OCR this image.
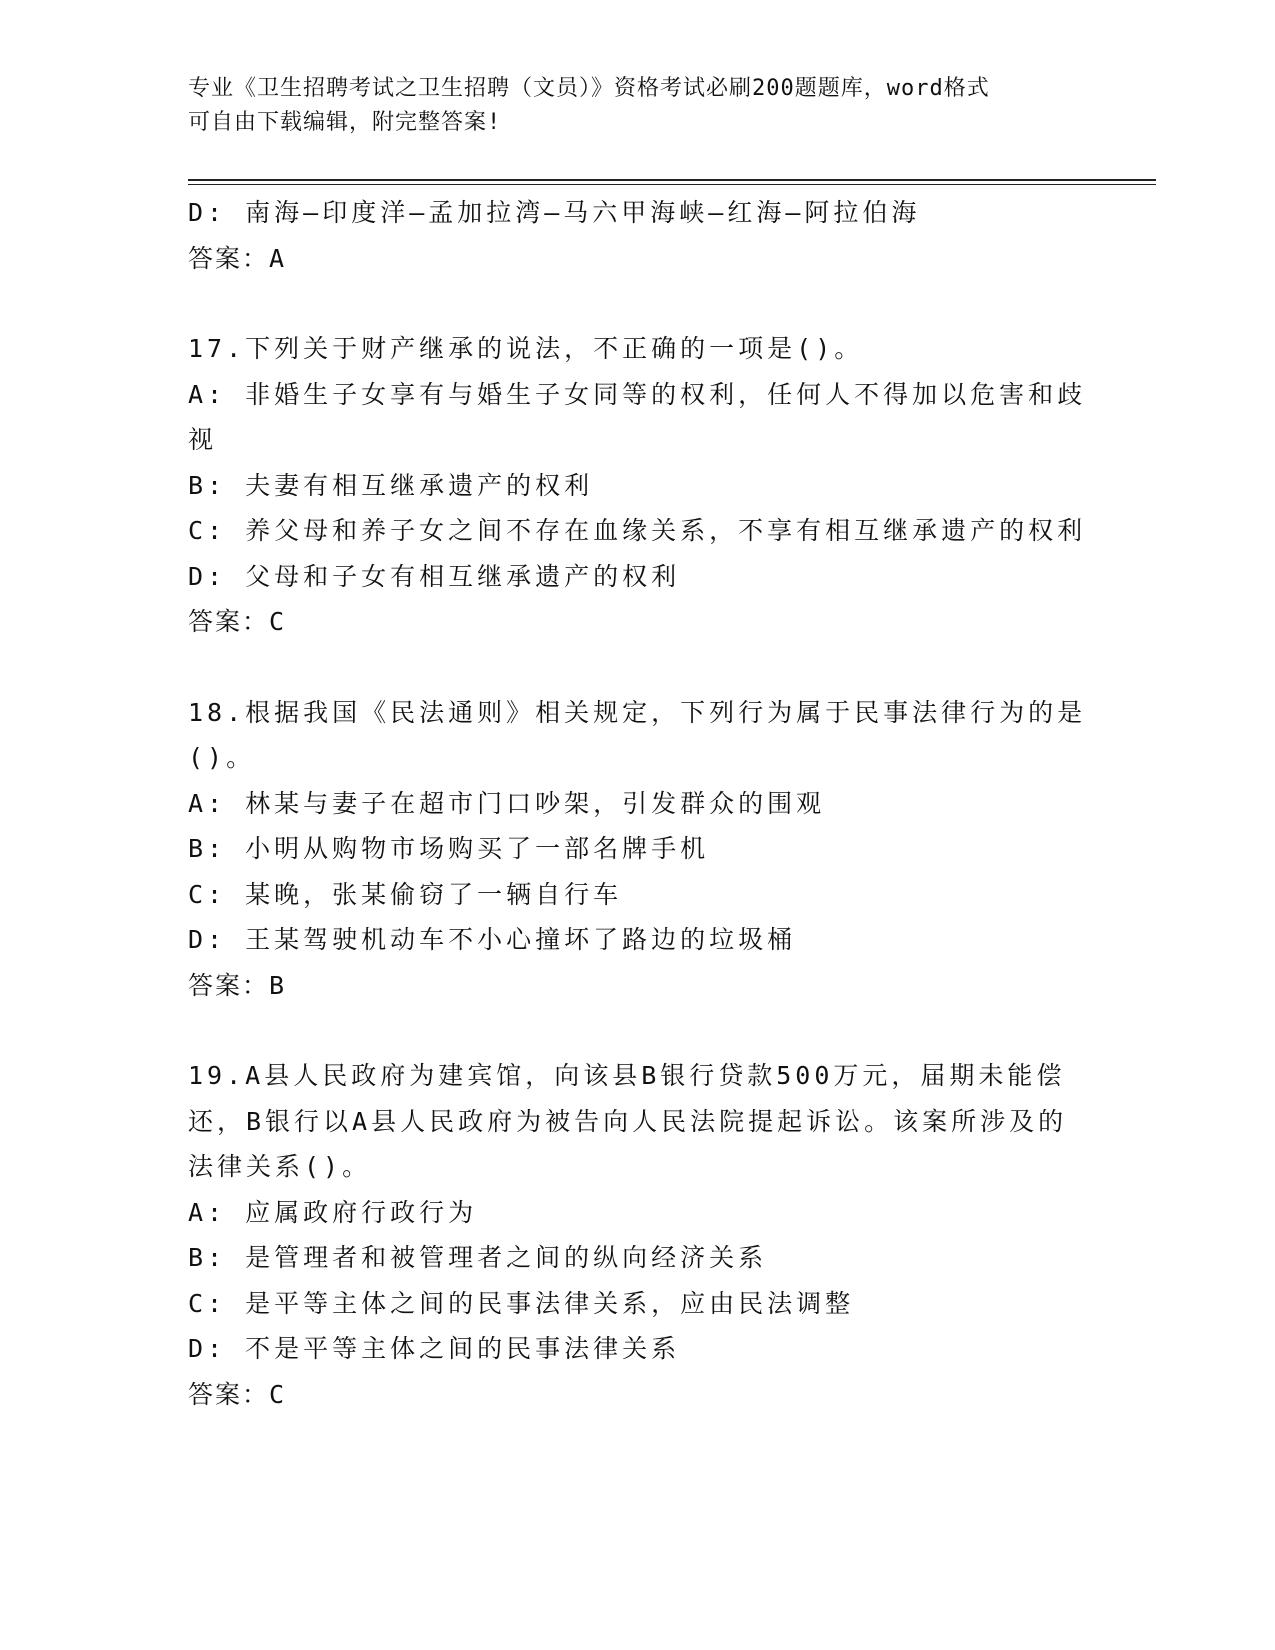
专业《卫生招聘考试之卫生招聘（文员）》资格考试必刷200题题库，word格式
可自由下载编辑，附完整答案!
D: 南海—印度洋—孟加拉湾—马六甲海峡—红海—阿拉伯海
答案：A
17.下列关于财产继承的说法，不正确的一项是()。
A: 非婚生子女享有与婚生子女同等的权利，任何人不得加以危害和歧
视
B: 夫妻有相互继承遗产的权利
C: 养父母和养子女之间不存在血缘关系，不享有相互继承遗产的权利
D: 父母和子女有相互继承遗产的权利
答案：C
18.根据我国《民法通则》相关规定，下列行为属于民事法律行为的是
()。
A: 林某与妻子在超市门口吵架，引发群众的围观
B: 小明从购物市场购买了一部名牌手机
C: 某晚，张某偷窃了一辆自行车
D: 王某驾驶机动车不小心撞坏了路边的垃圾桶
答案：B
19.A县人民政府为建宾馆，向该县B银行贷款500万元，届期未能偿
还，B银行以A县人民政府为被告向人民法院提起诉讼。该案所涉及的
法律关系()。
A: 应属政府行政行为
B: 是管理者和被管理者之间的纵向经济关系
C: 是平等主体之间的民事法律关系，应由民法调整
D: 不是平等主体之间的民事法律关系
答案：C
